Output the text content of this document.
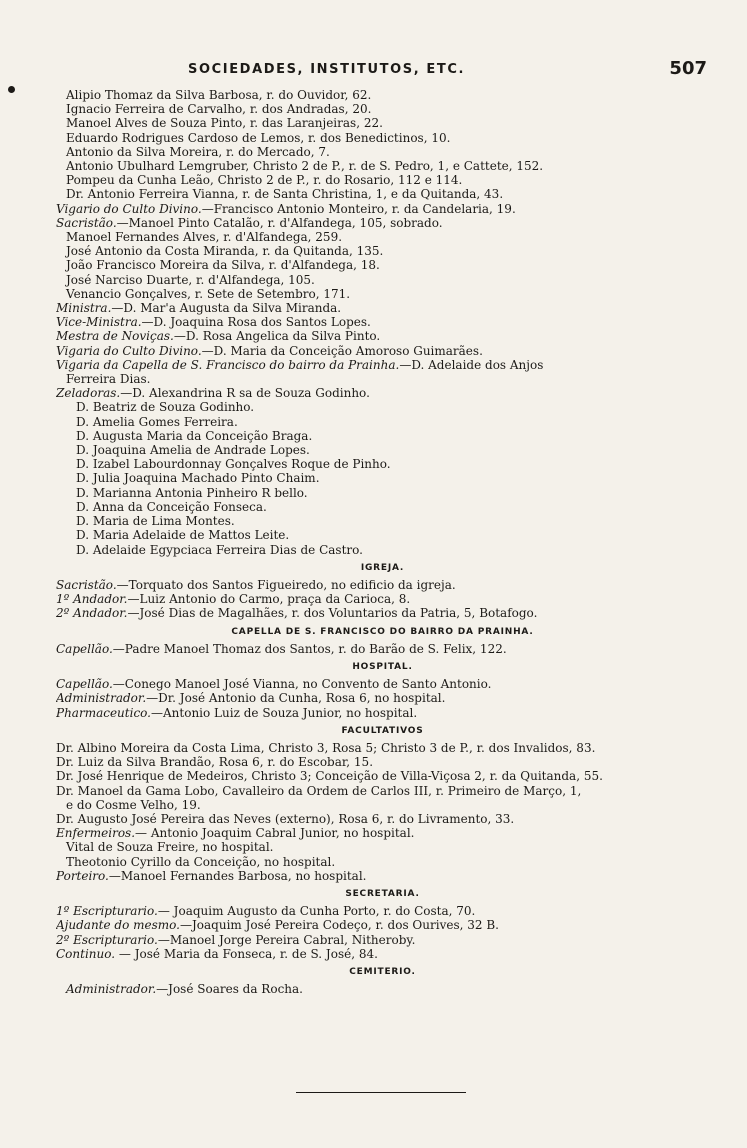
SOCIEDADES, INSTITUTOS, ETC.	507
Alipio Thomaz da Silva Barbosa, r. do Ouvidor, 62.
Ignacio Ferreira de Carvalho, r. dos Andradas, 20.
Manoel Alves de Souza Pinto, r. das Laranjeiras, 22.
Eduardo Rodrigues Cardoso de Lemos, r. dos Benedictinos, 10.
Antonio da Silva Moreira, r. do Mercado, 7.
Antonio Ubulhard Lemgruber, Christo 2 de P., r. de S. Pedro, 1, e Cattete, 152.
Pompeu da Cunha Leão, Christo 2 de P., r. do Rosario, 112 e 114.
Dr. Antonio Ferreira Vianna, r. de Santa Christina, 1, e da Quitanda, 43.
Vigario do Culto Divino.—Francisco Antonio Monteiro, r. da Candelaria, 19.
Sacristão.—Manoel Pinto Catalão, r. d'Alfandega, 105, sobrado.
Manoel Fernandes Alves, r. d'Alfandega, 259.
José Antonio da Costa Miranda, r. da Quitanda, 135.
João Francisco Moreira da Silva, r. d'Alfandega, 18.
José Narciso Duarte, r. d'Alfandega, 105.
Venancio Gonçalves, r. Sete de Setembro, 171.
Ministra.—D. Mar'a Augusta da Silva Miranda.
Vice-Ministra.—D. Joaquina Rosa dos Santos Lopes.
Mestra de Noviças.—D. Rosa Angelica da Silva Pinto.
Vigaria do Culto Divino.—D. Maria da Conceição Amoroso Guimarães.
Vigaria da Capella de S. Francisco do bairro da Prainha.—D. Adelaide dos Anjos
Ferreira Dias.
Zeladoras.—D. Alexandrina R sa de Souza Godinho.
D. Beatriz de Souza Godinho.
D. Amelia Gomes Ferreira.
D. Augusta Maria da Conceição Braga.
D. Joaquina Amelia de Andrade Lopes.
D. Izabel Labourdonnay Gonçalves Roque de Pinho.
D. Julia Joaquina Machado Pinto Chaim.
D. Marianna Antonia Pinheiro R bello.
D. Anna da Conceição Fonseca.
D. Maria de Lima Montes.
D. Maria Adelaide de Mattos Leite.
D. Adelaide Egypciaca Ferreira Dias de Castro.
IGREJA.
Sacristão.—Torquato dos Santos Figueiredo, no edificio da igreja.
1º Andador.—Luiz Antonio do Carmo, praça da Carioca, 8.
2º Andador.—José Dias de Magalhães, r. dos Voluntarios da Patria, 5, Botafogo.
CAPELLA DE S. FRANCISCO DO BAIRRO DA PRAINHA.
Capellão.—Padre Manoel Thomaz dos Santos, r. do Barão de S. Felix, 122.
HOSPITAL.
Capellão.—Conego Manoel José Vianna, no Convento de Santo Antonio.
Administrador.—Dr. José Antonio da Cunha, Rosa 6, no hospital.
Pharmaceutico.—Antonio Luiz de Souza Junior, no hospital.
FACULTATIVOS
Dr. Albino Moreira da Costa Lima, Christo 3, Rosa 5; Christo 3 de P., r. dos Invalidos, 83.
Dr. Luiz da Silva Brandão, Rosa 6, r. do Escobar, 15.
Dr. José Henrique de Medeiros, Christo 3; Conceição de Villa-Viçosa 2, r. da Quitanda, 55.
Dr. Manoel da Gama Lobo, Cavalleiro da Ordem de Carlos III, r. Primeiro de Março, 1,
e do Cosme Velho, 19.
Dr. Augusto José Pereira das Neves (externo), Rosa 6, r. do Livramento, 33.
Enfermeiros.— Antonio Joaquim Cabral Junior, no hospital.
Vital de Souza Freire, no hospital.
Theotonio Cyrillo da Conceição, no hospital.
Porteiro.—Manoel Fernandes Barbosa, no hospital.
SECRETARIA.
1º Escripturario.— Joaquim Augusto da Cunha Porto, r. do Costa, 70.
Ajudante do mesmo.—Joaquim José Pereira Codeço, r. dos Ourives, 32 B.
2º Escripturario.—Manoel Jorge Pereira Cabral, Nitheroby.
Continuo. — José Maria da Fonseca, r. de S. José, 84.
CEMITERIO.
Administrador.—José Soares da Rocha.
